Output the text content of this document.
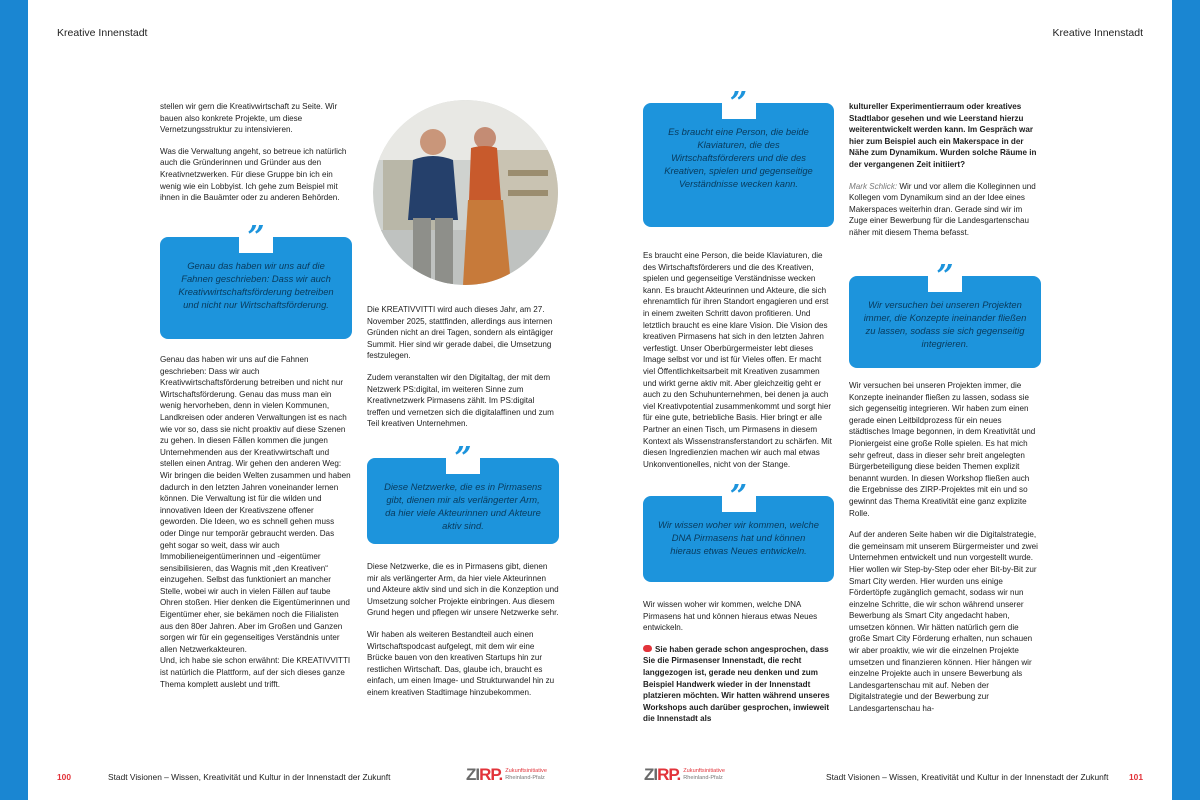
Kreative Innenstadt

stellen wir gern die Kreativwirtschaft zu Seite. Wir bauen also konkrete Projekte, um diese Vernetzungsstruktur zu intensivieren.

Was die Verwaltung angeht, so betreue ich natürlich auch die Gründerinnen und Gründer aus den Kreativnetzwerken. Für diese Gruppe bin ich ein wenig wie ein Lobbyist. Ich gehe zum Beispiel mit ihnen in die Bauämter oder zu anderen Behörden.

”
Genau das haben wir uns auf die Fahnen geschrieben: Dass wir auch Kreativwirtschaftsförderung betreiben und nicht nur Wirtschaftsförderung.

Genau das haben wir uns auf die Fahnen geschrieben: Dass wir auch Kreativwirtschaftsförderung betreiben und nicht nur Wirtschaftsförderung. Genau das muss man ein wenig hervorheben, denn in vielen Kommunen, Landkreisen oder anderen Verwaltungen ist es nach wie vor so, dass sie nicht proaktiv auf diese Szenen zu gehen. In diesen Fällen kommen die jungen Unternehmenden aus der Kreativwirtschaft und stellen einen Antrag. Wir gehen den anderen Weg: Wir bringen die beiden Welten zusammen und haben dadurch in den letzten Jahren voneinander lernen können. Die Verwaltung ist für die wilden und innovativen Ideen der Kreativszene offener geworden. Die Ideen, wo es schnell gehen muss oder Dinge nur temporär gebraucht werden. Das geht sogar so weit, dass wir auch Immobilieneigentümerinnen und -eigentümer sensibilisieren, das Wagnis mit „den Kreativen“ einzugehen. Selbst das funktioniert an mancher Stelle, wobei wir auch in vielen Fällen auf taube Ohren stoßen. Hier denken die Eigentümerinnen und Eigentümer eher, sie bekämen noch die Filialisten aus den 80er Jahren. Aber im Großen und Ganzen sorgen wir für ein gegenseitiges Verständnis unter allen Netzwerkakteuren.

Und, ich habe sie schon erwähnt: Die KREATIVVITTI ist natürlich die Plattform, auf der sich dieses ganze Thema komplett auslebt und trifft.

Die KREATIVVITTI wird auch dieses Jahr, am 27. November 2025, stattfinden, allerdings aus internen Gründen nicht an drei Tagen, sondern als eintägiger Summit. Hier sind wir gerade dabei, die Umsetzung festzulegen.

Zudem veranstalten wir den Digitaltag, der mit dem Netzwerk PS:digital, im weiteren Sinne zum Kreativnetzwerk Pirmasens zählt. Im PS:digital treffen und vernetzen sich die digitalaffinen und zum Teil kreativen Unternehmen.

”
Diese Netzwerke, die es in Pirmasens gibt, dienen mir als verlängerter Arm, da hier viele Akteurinnen und Akteure aktiv sind.

Diese Netzwerke, die es in Pirmasens gibt, dienen mir als verlängerter Arm, da hier viele Akteurinnen und Akteure aktiv sind und sich in die Konzeption und Umsetzung solcher Projekte einbringen. Aus diesem Grund hegen und pflegen wir unsere Netzwerke sehr.

Wir haben als weiteren Bestandteil auch einen Wirtschaftspodcast aufgelegt, mit dem wir eine Brücke bauen von den kreativen Startups hin zur restlichen Wirtschaft. Das, glaube ich, braucht es einfach, um einen Image- und Strukturwandel hin zu einem kreativen Stadtimage hinzubekommen.

100	Stadt Visionen – Wissen, Kreativität und Kultur in der Innenstadt der Zukunft	ZIRP. Zukunftsinitiative
Rheinland-Pfalz
Kreative Innenstadt
”
Es braucht eine Person, die beide Klaviaturen, die des Wirtschaftsförderers und die des Kreativen, spielen und gegenseitige Verständnisse wecken kann.

Es braucht eine Person, die beide Klaviaturen, die des Wirtschaftsförderers und die des Kreativen, spielen und gegenseitige Verständnisse wecken kann. Es braucht Akteurinnen und Akteure, die sich ehrenamtlich für ihren Standort engagieren und erst in einem zweiten Schritt davon profitieren. Und letztlich braucht es eine klare Vision. Die Vision des kreativen Pirmasens hat sich in den letzten Jahren verfestigt. Unser Oberbürgermeister lebt dieses Image selbst vor und ist für Vieles offen. Er macht viel Öffentlichkeitsarbeit mit Kreativen zusammen und wirkt gerne aktiv mit. Aber gleichzeitig geht er auch zu den Schuhunternehmen, bei denen ja auch viel Kreativpotential zusammenkommt und sorgt hier für eine gute, betriebliche Basis. Hier bringt er alle Partner an einen Tisch, um Pirmasens in diesem Kontext als Wissenstransferstandort zu schärfen. Mit diesen Ingredienzien machen wir auch mal etwas Unkonventionelles, nicht von der Stange.

”
Wir wissen woher wir kommen, welche DNA Pirmasens hat und können hieraus etwas Neues entwickeln.

Wir wissen woher wir kommen, welche DNA Pirmasens hat und können hieraus etwas Neues entwickeln.

Sie haben gerade schon angesprochen, dass Sie die Pirmasenser Innenstadt, die recht langgezogen ist, gerade neu denken und zum Beispiel Handwerk wieder in der Innenstadt platzieren möchten. Wir hatten während unseres Workshops auch darüber gesprochen, inwieweit die Innenstadt als

kultureller Experimentierraum oder kreatives Stadtlabor gesehen und wie Leerstand hierzu weiterentwickelt werden kann. Im Gespräch war hier zum Beispiel auch ein Makerspace in der Nähe zum Dynamikum. Wurden solche Räume in der vergangenen Zeit initiiert?

Mark Schlick: Wir und vor allem die Kolleginnen und Kollegen vom Dynamikum sind an der Idee eines Makerspaces weiterhin dran. Gerade sind wir im Zuge einer Bewerbung für die Landesgartenschau näher mit diesem Thema befasst.

”
Wir versuchen bei unseren Projekten immer, die Konzepte ineinander fließen zu lassen, sodass sie sich gegenseitig integrieren.

Wir versuchen bei unseren Projekten immer, die Konzepte ineinander fließen zu lassen, sodass sie sich gegenseitig integrieren. Wir haben zum einen gerade einen Leitbildprozess für ein neues städtisches Image begonnen, in dem Kreativität und Pioniergeist eine große Rolle spielen. Es hat mich sehr gefreut, dass in dieser sehr breit angelegten Bürgerbeteiligung diese beiden Themen explizit benannt wurden. In diesen Workshop fließen auch die Ergebnisse des ZIRP-Projektes mit ein und so gewinnt das Thema Kreativität eine ganz explizite Rolle.

Auf der anderen Seite haben wir die Digitalstrategie, die gemeinsam mit unserem Bürgermeister und zwei Unternehmen entwickelt und nun vorgestellt wurde. Hier wollen wir Step-by-Step oder eher Bit-by-Bit zur Smart City werden. Hier wurden uns einige Fördertöpfe zugänglich gemacht, sodass wir nun einzelne Schritte, die wir schon während unserer Bewerbung als Smart City angedacht haben, umsetzen können. Wir hätten natürlich gern die große Smart City Förderung erhalten, nun schauen wir aber proaktiv, wie wir die einzelnen Projekte umsetzen und finanzieren können. Hier hängen wir einzelne Projekte auch in unsere Bewerbung als Landesgartenschau mit auf. Neben der Digitalstrategie und der Bewerbung zur Landesgartenschau ha-

ZIRP. Zukunftsinitiative
Rheinland-Pfalz	Stadt Visionen – Wissen, Kreativität und Kultur in der Innenstadt der Zukunft 101
